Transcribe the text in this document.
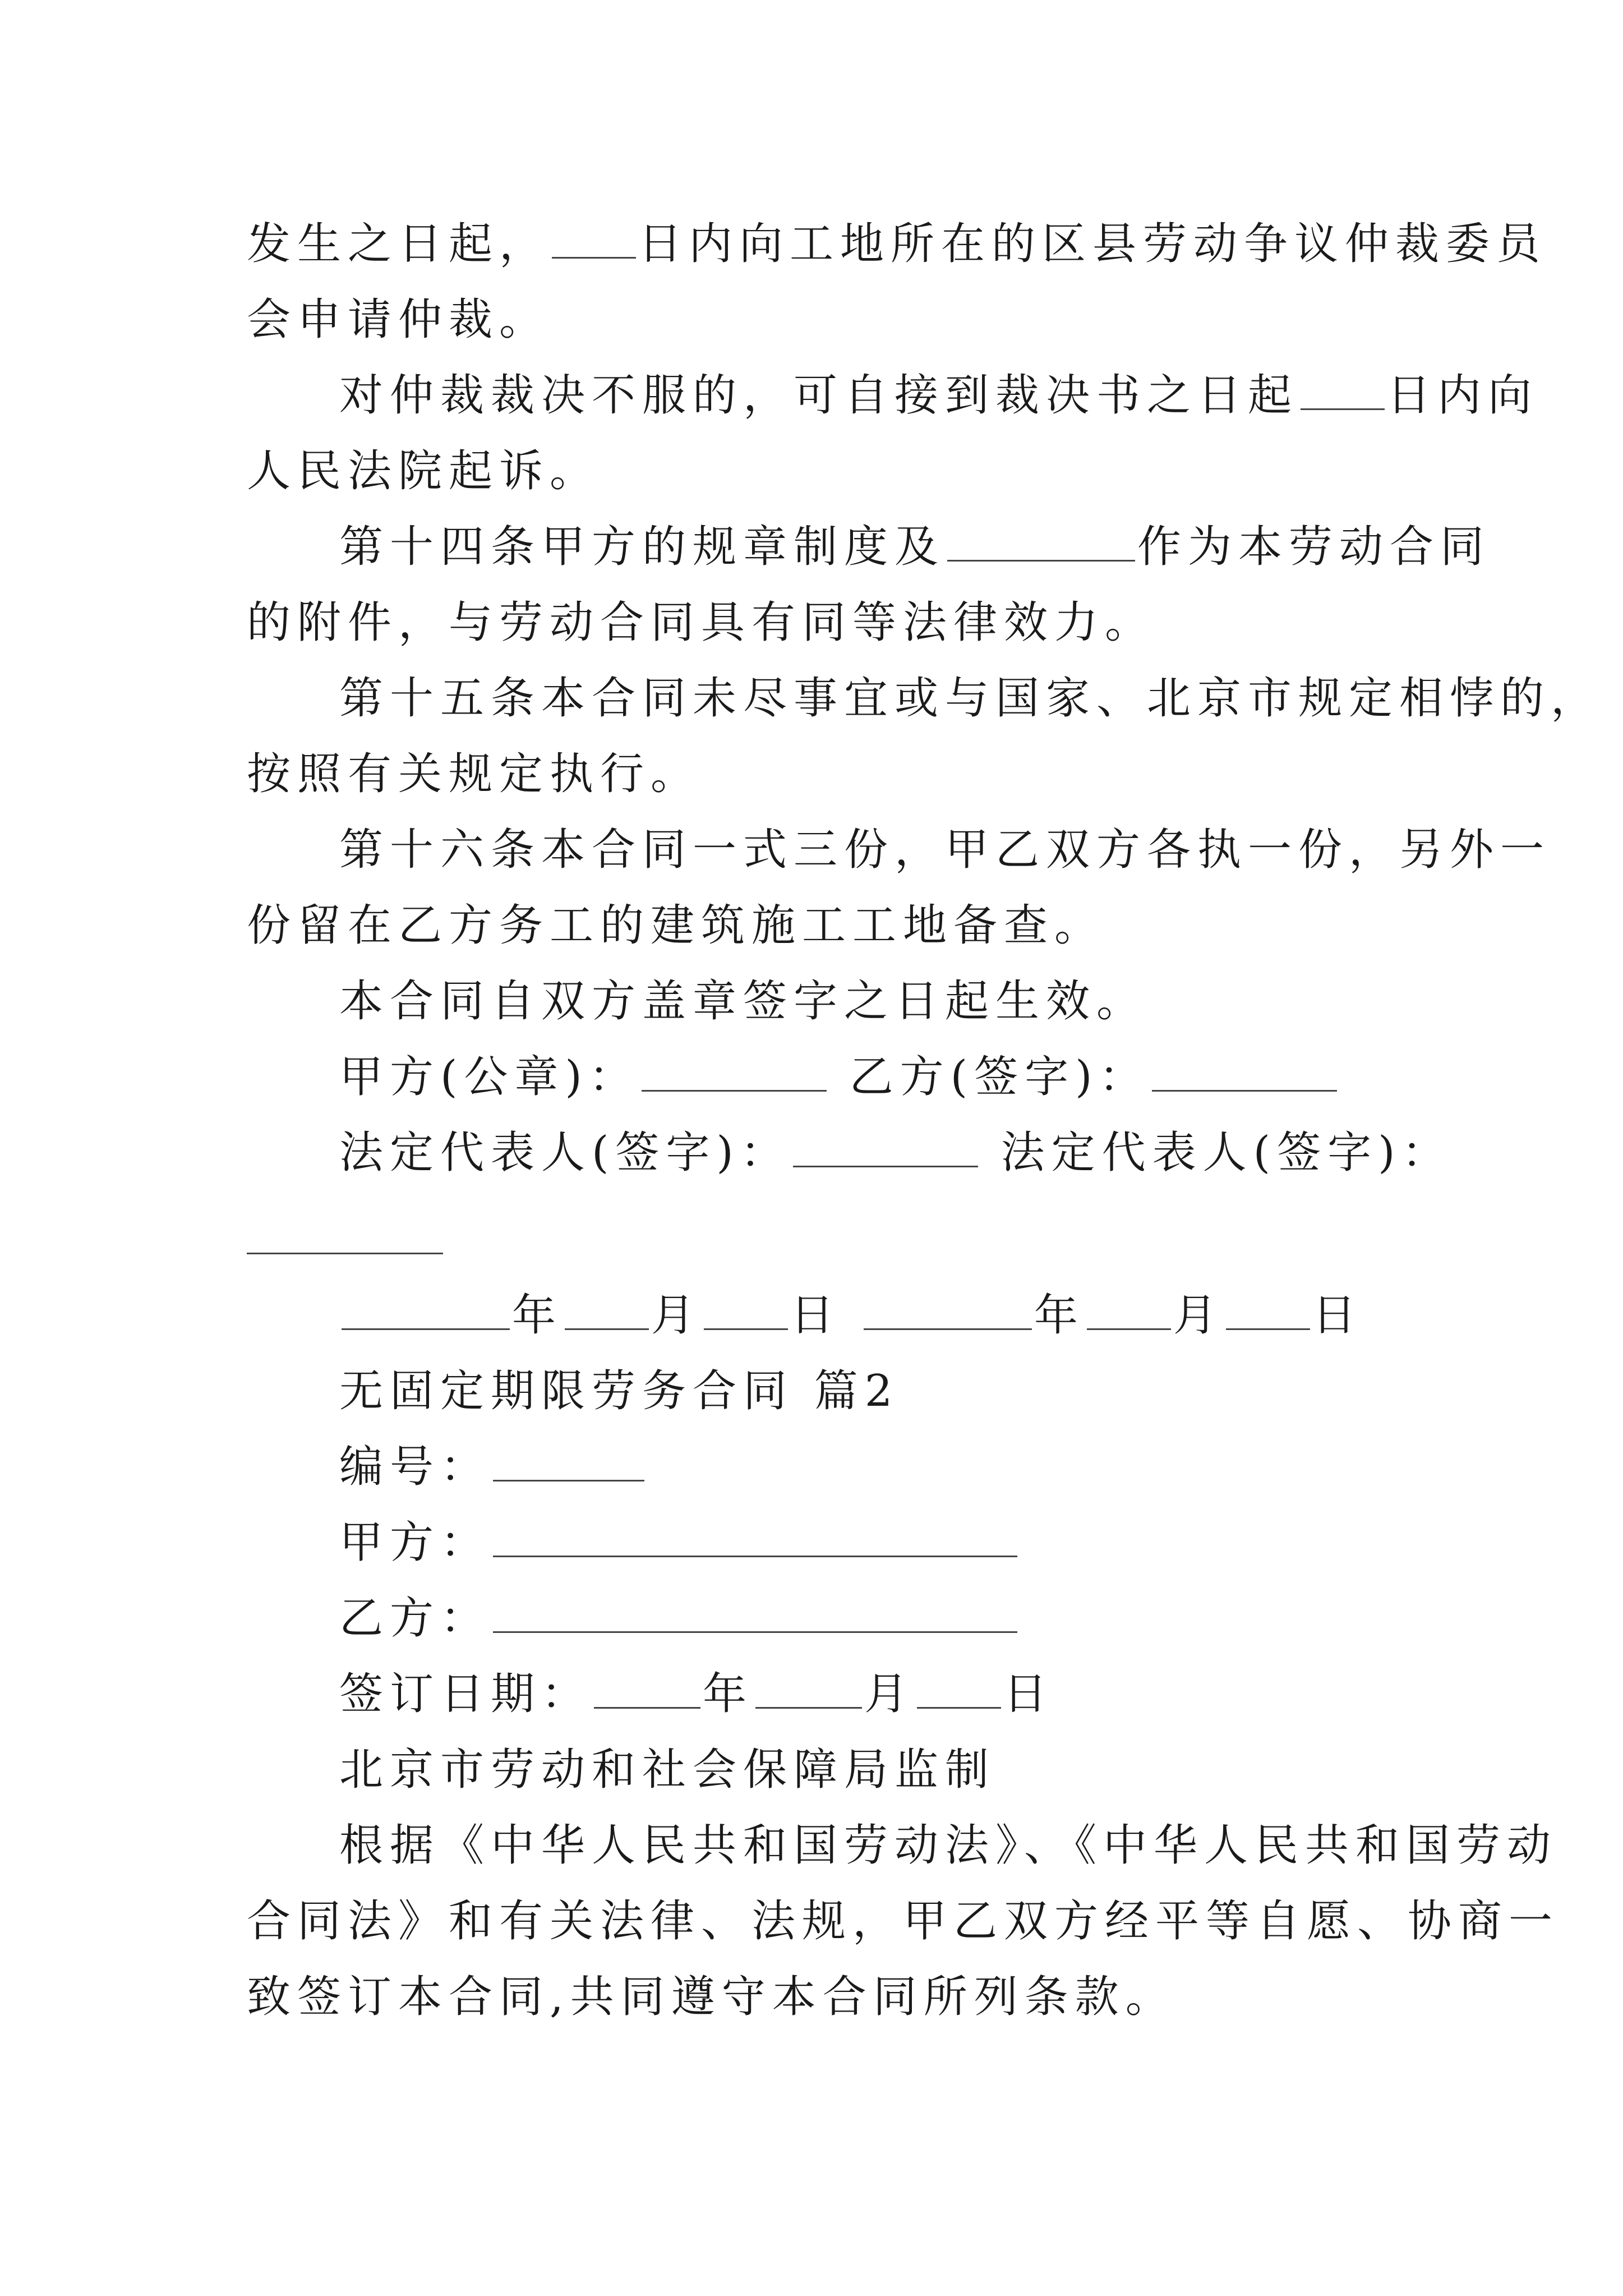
发生之日起， 日内向工地所在的区县劳动争议仲裁委员
会申请仲裁。
对仲裁裁决不服的，可自接到裁决书之日起 日内向
人民法院起诉。
第十四条甲方的规章制度及	作为本劳动合同
的附件，与劳动合同具有同等法律效力。
第十五条本合同未尽事宜或与国家、北京市规定相悖的，
按照有关规定执行。
第十六条本合同一式三份，甲乙双方各执一份，另外一
份留在乙方务工的建筑施工工地备查。
本合同自双方盖章签字之日起生效。
甲方(公章)：	乙方(签字)：
法定代表人(签字)：	法定代表人(签字)：
年 月 日	年 月 日
无固定期限劳务合同 篇2
编号：
甲方：
乙方：
签订日期：	年	月 日
北京市劳动和社会保障局监制
根据《中华人民共和国劳动法》、《中华人民共和国劳动
合同法》和有关法律、法规，甲乙双方经平等自愿、协商一
致签订本合同,共同遵守本合同所列条款。
